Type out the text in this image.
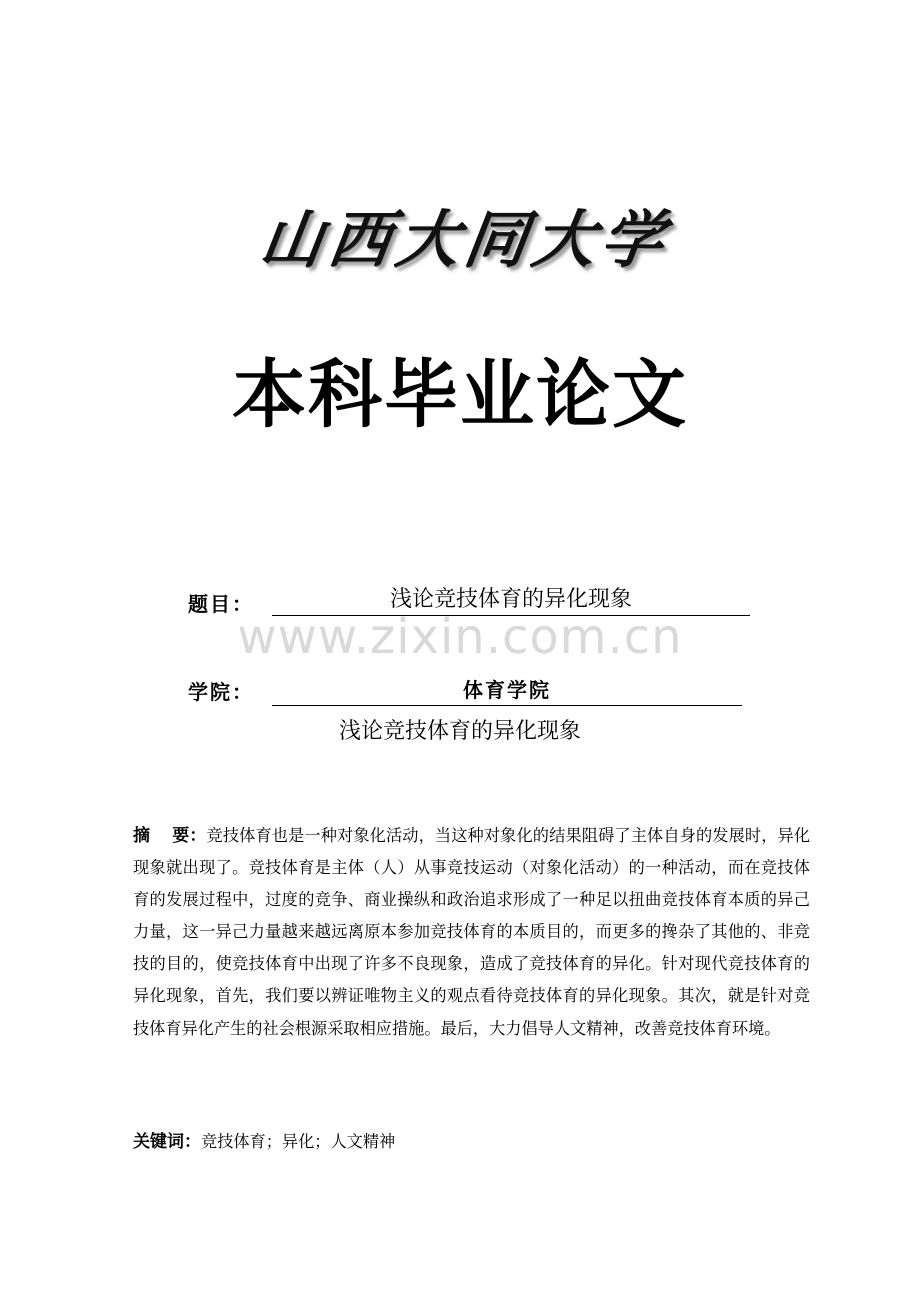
山西大同大学
本科毕业论文
题目：	浅论竞技体育的异化现象
www.zixin.com.cn
学院：	体育学院
浅论竞技体育的异化现象
摘 要：竞技体育也是一种对象化活动，当这种对象化的结果阻碍了主体自身的发展时，异化现象就出现了。竞技体育是主体（人）从事竞技运动（对象化活动）的一种活动，而在竞技体育的发展过程中，过度的竞争、商业操纵和政治追求形成了一种足以扭曲竞技体育本质的异己力量，这一异己力量越来越远离原本参加竞技体育的本质目的，而更多的搀杂了其他的、非竞技的目的，使竞技体育中出现了许多不良现象，造成了竞技体育的异化。针对现代竞技体育的异化现象，首先，我们要以辨证唯物主义的观点看待竞技体育的异化现象。其次，就是针对竞技体育异化产生的社会根源采取相应措施。最后，大力倡导人文精神，改善竞技体育环境。
关键词：竞技体育；异化；人文精神
